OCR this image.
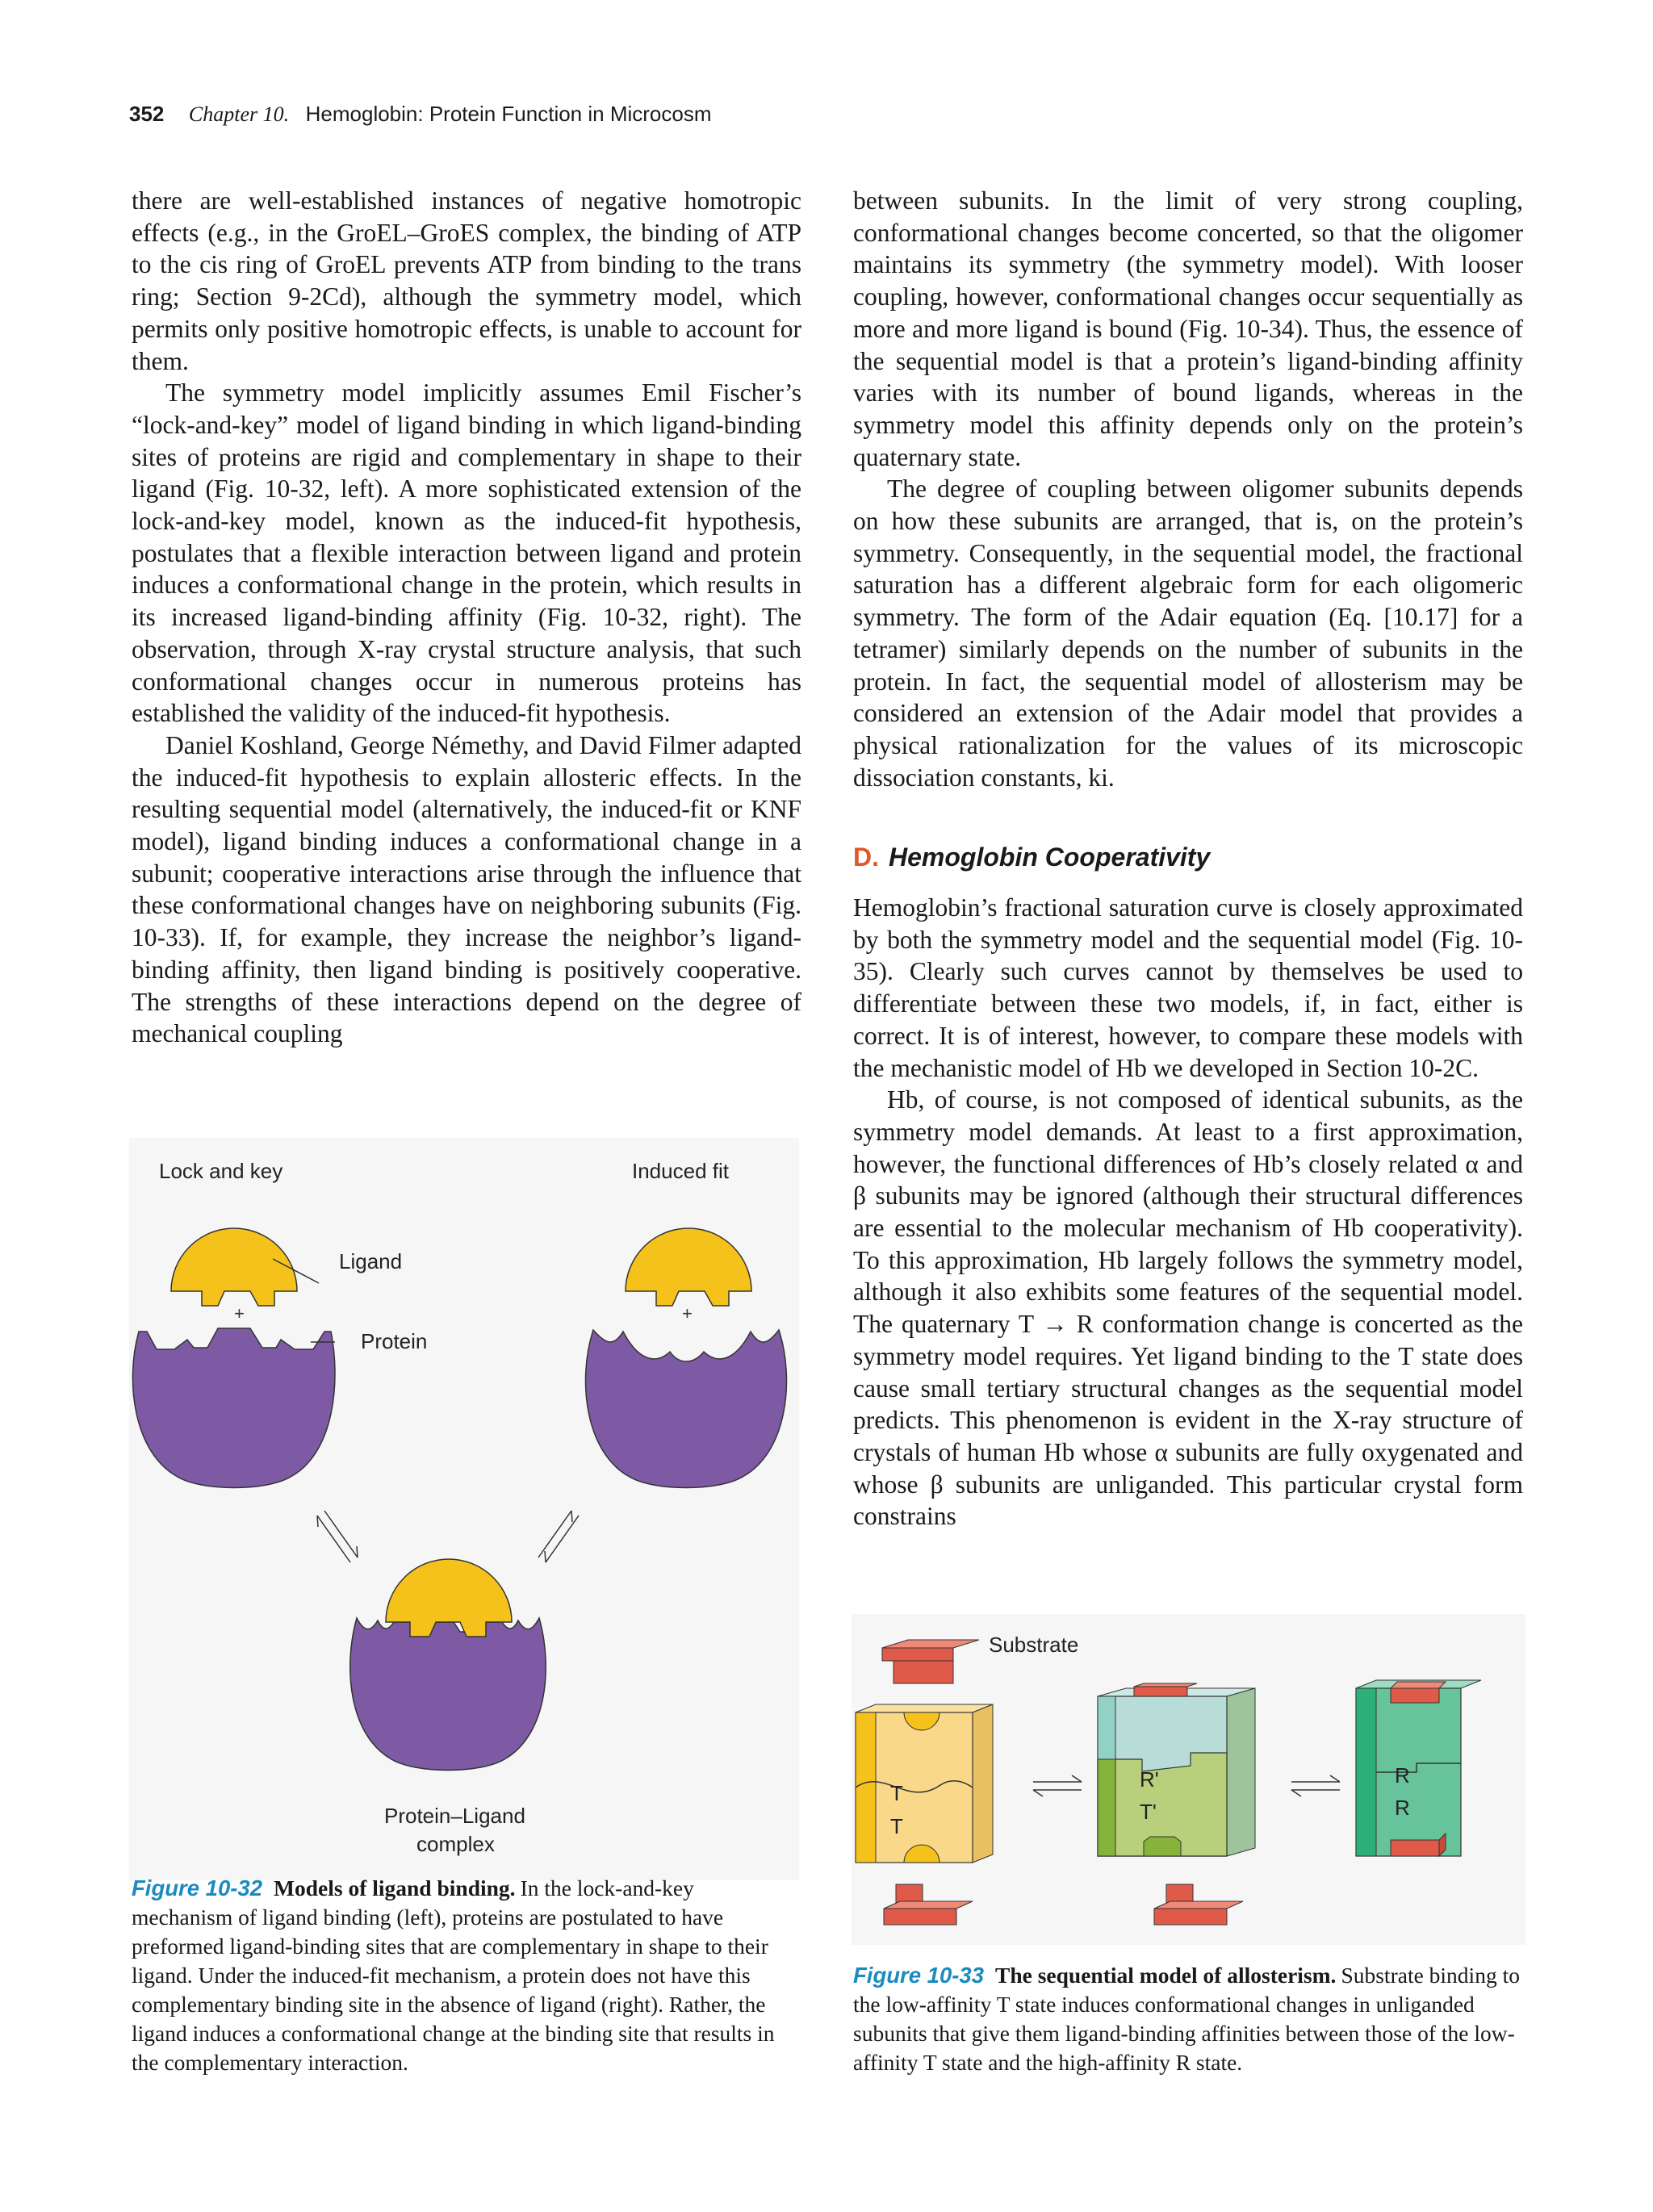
352 Chapter 10. Hemoglobin: Protein Function in Microcosm

there are well-established instances of negative homotropic effects (e.g., in the GroEL–GroES complex, the binding of ATP to the cis ring of GroEL prevents ATP from binding to the trans ring; Section 9-2Cd), although the symmetry model, which permits only positive homotropic effects, is unable to account for them.

The symmetry model implicitly assumes Emil Fischer’s “lock-and-key” model of ligand binding in which ligand-binding sites of proteins are rigid and complementary in shape to their ligand (Fig. 10-32, left). A more sophisticated extension of the lock-and-key model, known as the induced-fit hypothesis, postulates that a flexible interaction between ligand and protein induces a conformational change in the protein, which results in its increased ligand-binding affinity (Fig. 10-32, right). The observation, through X-ray crystal structure analysis, that such conformational changes occur in numerous proteins has established the validity of the induced-fit hypothesis.

Daniel Koshland, George Némethy, and David Filmer adapted the induced-fit hypothesis to explain allosteric effects. In the resulting sequential model (alternatively, the induced-fit or KNF model), ligand binding induces a conformational change in a subunit; cooperative interactions arise through the influence that these conformational changes have on neighboring subunits (Fig. 10-33). If, for example, they increase the neighbor’s ligand-binding affinity, then ligand binding is positively cooperative. The strengths of these interactions depend on the degree of mechanical coupling

between subunits. In the limit of very strong coupling, conformational changes become concerted, so that the oligomer maintains its symmetry (the symmetry model). With looser coupling, however, conformational changes occur sequentially as more and more ligand is bound (Fig. 10-34). Thus, the essence of the sequential model is that a protein’s ligand-binding affinity varies with its number of bound ligands, whereas in the symmetry model this affinity depends only on the protein’s quaternary state.

The degree of coupling between oligomer subunits depends on how these subunits are arranged, that is, on the protein’s symmetry. Consequently, in the sequential model, the fractional saturation has a different algebraic form for each oligomeric symmetry. The form of the Adair equation (Eq. [10.17] for a tetramer) similarly depends on the number of subunits in the protein. In fact, the sequential model of allosterism may be considered an extension of the Adair model that provides a physical rationalization for the values of its microscopic dissociation constants, ki.

D. Hemoglobin Cooperativity

Hemoglobin’s fractional saturation curve is closely approximated by both the symmetry model and the sequential model (Fig. 10-35). Clearly such curves cannot by themselves be used to differentiate between these two models, if, in fact, either is correct. It is of interest, however, to compare these models with the mechanistic model of Hb we developed in Section 10-2C.

Hb, of course, is not composed of identical subunits, as the symmetry model demands. At least to a first approximation, however, the functional differences of Hb’s closely related α and β subunits may be ignored (although their structural differences are essential to the molecular mechanism of Hb cooperativity). To this approximation, Hb largely follows the symmetry model, although it also exhibits some features of the sequential model. The quaternary T → R conformation change is concerted as the symmetry model requires. Yet ligand binding to the T state does cause small tertiary structural changes as the sequential model predicts. This phenomenon is evident in the X-ray structure of crystals of human Hb whose α subunits are fully oxygenated and whose β subunits are unliganded. This particular crystal form constrains

+	+
Lock and key	Induced fit
Ligand
Protein
Protein–Ligand
complex
Figure 10-32 Models of ligand binding. In the lock-and-key mechanism of ligand binding (left), proteins are postulated to have preformed ligand-binding sites that are complementary in shape to their ligand. Under the induced-fit mechanism, a protein does not have this complementary binding site in the absence of ligand (right). Rather, the ligand induces a conformational change at the binding site that results in the complementary interaction.
Substrate
T
T
R'
T'
R
R
Figure 10-33 The sequential model of allosterism. Substrate binding to the low-affinity T state induces conformational changes in unliganded subunits that give them ligand-binding affinities between those of the low-affinity T state and the high-affinity R state.
